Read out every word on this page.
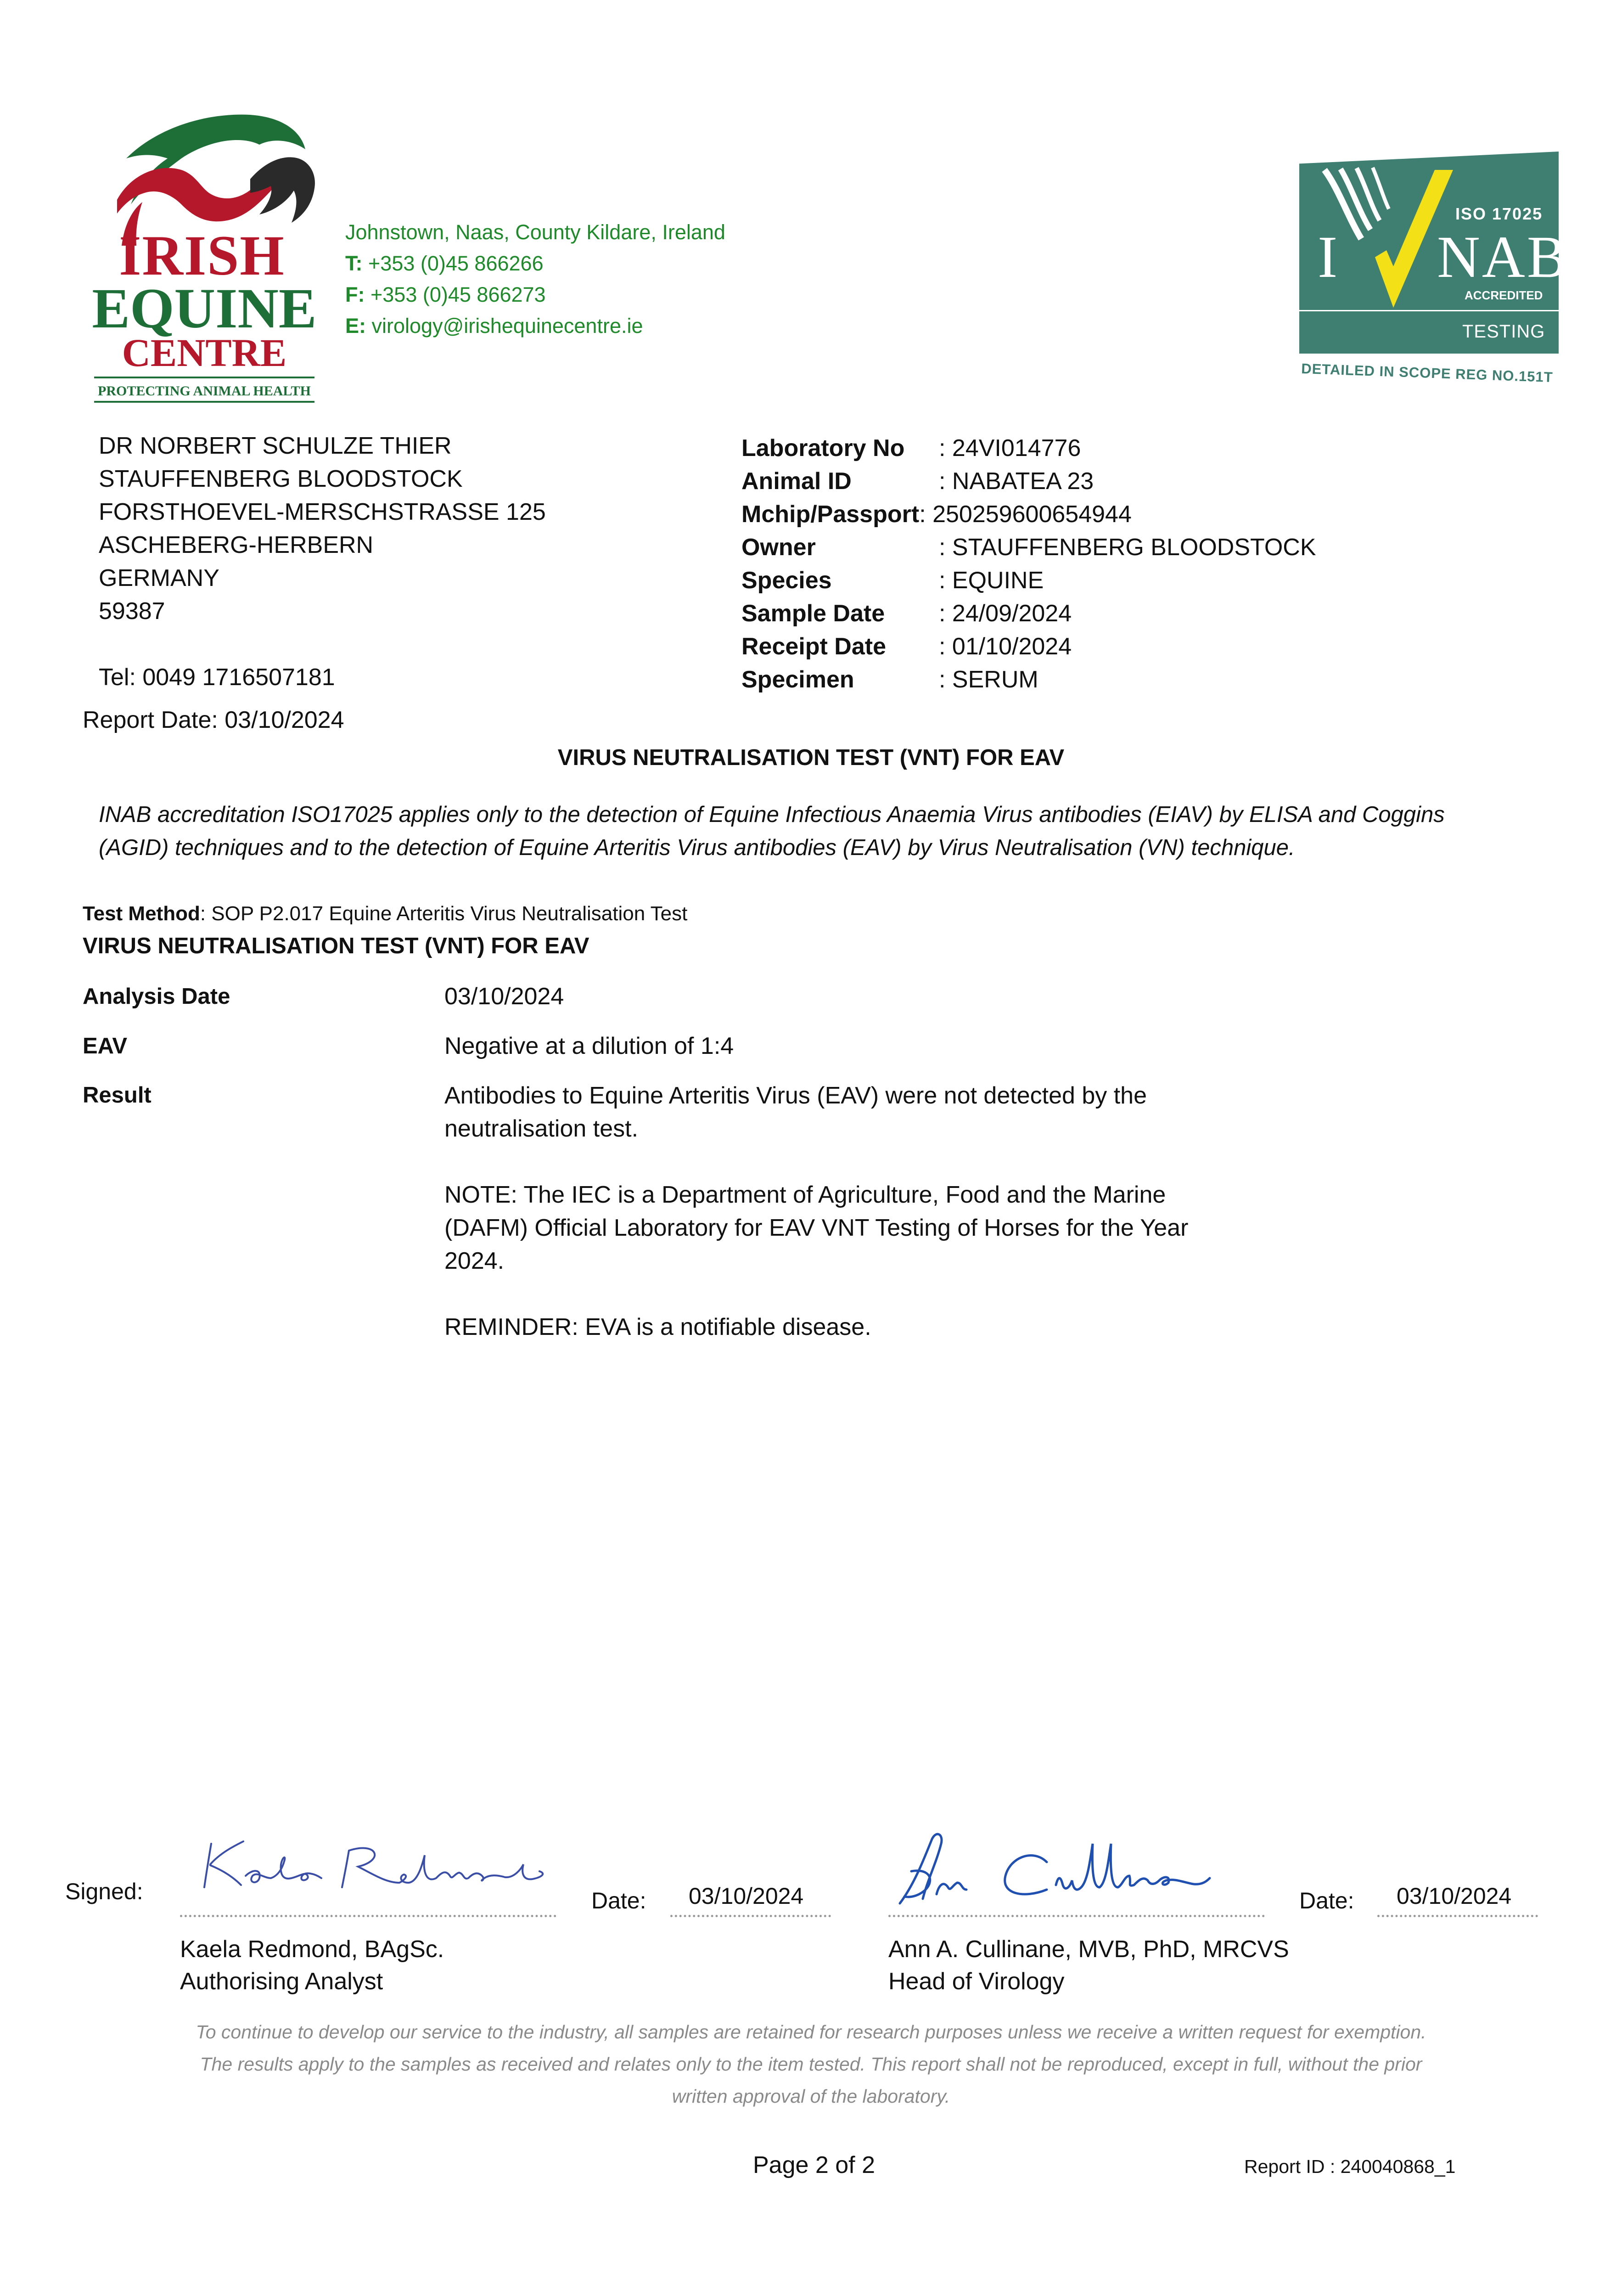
IRISH
EQUINE
CENTRE
PROTECTING ANIMAL HEALTH
Johnstown, Naas, County Kildare, Ireland
T: +353 (0)45 866266
F: +353 (0)45 866273
E: virology@irishequinecentre.ie
ISO 17025
I NAB
ACCREDITED
TESTING
DETAILED IN SCOPE REG NO.151T
DR NORBERT SCHULZE THIER
STAUFFENBERG BLOODSTOCK
FORSTHOEVEL-MERSCHSTRASSE 125
ASCHEBERG-HERBERN
GERMANY
59387
Tel: 0049 1716507181
Laboratory No	: 24VI014776
Animal ID	: NABATEA 23
Mchip/Passport : 250259600654944
Owner	: STAUFFENBERG BLOODSTOCK
Species	: EQUINE
Sample Date	: 24/09/2024
Receipt Date	: 01/10/2024
Specimen	: SERUM
Report Date: 03/10/2024
VIRUS NEUTRALISATION TEST (VNT) FOR EAV
INAB accreditation ISO17025 applies only to the detection of Equine Infectious Anaemia Virus antibodies (EIAV) by ELISA and Coggins (AGID) techniques and to the detection of Equine Arteritis Virus antibodies (EAV) by Virus Neutralisation (VN) technique.
Test Method: SOP P2.017 Equine Arteritis Virus Neutralisation Test
VIRUS NEUTRALISATION TEST (VNT) FOR EAV
Analysis Date	03/10/2024
EAV	Negative at a dilution of 1:4
Result	Antibodies to Equine Arteritis Virus (EAV) were not detected by the neutralisation test.

NOTE: The IEC is a Department of Agriculture, Food and the Marine (DAFM) Official Laboratory for EAV VNT Testing of Horses for the Year 2024.

REMINDER: EVA is a notifiable disease.

Signed:	Date: 03/10/2024	Date: 03/10/2024
Kaela Redmond, BAgSc.
Authorising Analyst
Ann A. Cullinane, MVB, PhD, MRCVS
Head of Virology
To continue to develop our service to the industry, all samples are retained for research purposes unless we receive a written request for exemption.
The results apply to the samples as received and relates only to the item tested. This report shall not be reproduced, except in full, without the prior
written approval of the laboratory.
Page 2 of 2	Report ID : 240040868_1
